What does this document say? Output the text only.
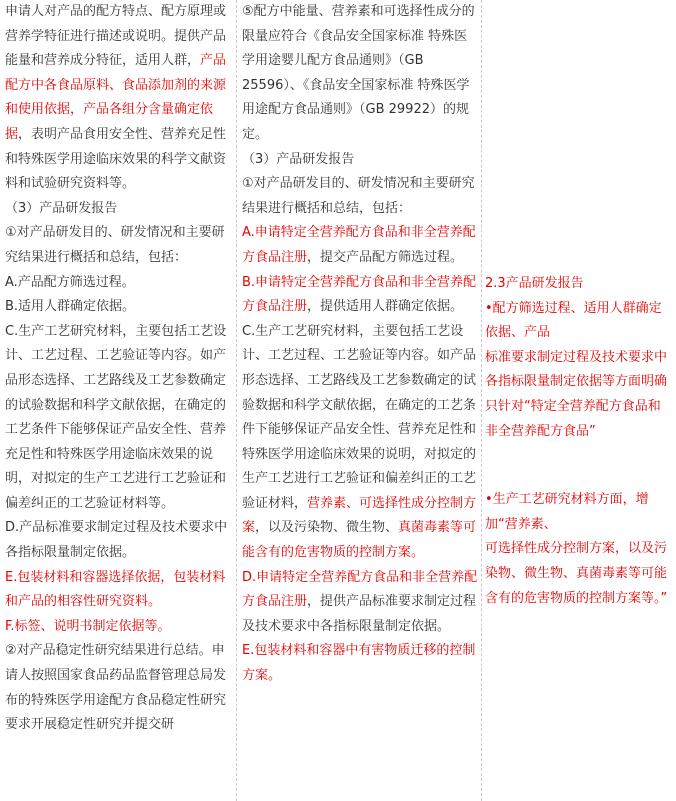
申请人对产品的配方特点、配方原理或营养学特征进行描述或说明。提供产品能量和营养成分特征，适用人群，产品配方中各食品原料、食品添加剂的来源和使用依据，产品各组分含量确定依据，表明产品食用安全性、营养充足性和特殊医学用途临床效果的科学文献资料和试验研究资料等。

（3）产品研发报告

①对产品研发目的、研发情况和主要研究结果进行概括和总结，包括：

A.产品配方筛选过程。

B.适用人群确定依据。

C.生产工艺研究材料，主要包括工艺设计、工艺过程、工艺验证等内容。如产品形态选择、工艺路线及工艺参数确定的试验数据和科学文献依据，在确定的工艺条件下能够保证产品安全性、营养充足性和特殊医学用途临床效果的说明，对拟定的生产工艺进行工艺验证和偏差纠正的工艺验证材料等。

D.产品标准要求制定过程及技术要求中各指标限量制定依据。

E.包装材料和容器选择依据，包装材料和产品的相容性研究资料。

F.标签、说明书制定依据等。

②对产品稳定性研究结果进行总结。申请人按照国家食品药品监督管理总局发布的特殊医学用途配方食品稳定性研究要求开展稳定性研究并提交研

⑤配方中能量、营养素和可选择性成分的限量应符合《食品安全国家标准 特殊医学用途婴儿配方食品通则》（GB 25596）、《食品安全国家标准 特殊医学用途配方食品通则》（GB 29922）的规定。

（3）产品研发报告

①对产品研发目的、研发情况和主要研究结果进行概括和总结，包括：

A.申请特定全营养配方食品和非全营养配方食品注册，提交产品配方筛选过程。

B.申请特定全营养配方食品和非全营养配方食品注册，提供适用人群确定依据。

C.生产工艺研究材料，主要包括工艺设计、工艺过程、工艺验证等内容。如产品形态选择、工艺路线及工艺参数确定的试验数据和科学文献依据，在确定的工艺条件下能够保证产品安全性、营养充足性和特殊医学用途临床效果的说明，对拟定的生产工艺进行工艺验证和偏差纠正的工艺验证材料，营养素、可选择性成分控制方案，以及污染物、微生物、真菌毒素等可能含有的危害物质的控制方案。

D.申请特定全营养配方食品和非全营养配方食品注册，提供产品标准要求制定过程及技术要求中各指标限量制定依据。

E.包装材料和容器中有害物质迁移的控制方案。

2.3产品研发报告

•配方筛选过程、适用人群确定依据、产品

标准要求制定过程及技术要求中各指标限量制定依据等方面明确只针对“特定全营养配方食品和非全营养配方食品”

•生产工艺研究材料方面，增加“营养素、

可选择性成分控制方案，以及污染物、微生物、真菌毒素等可能含有的危害物质的控制方案等。”
